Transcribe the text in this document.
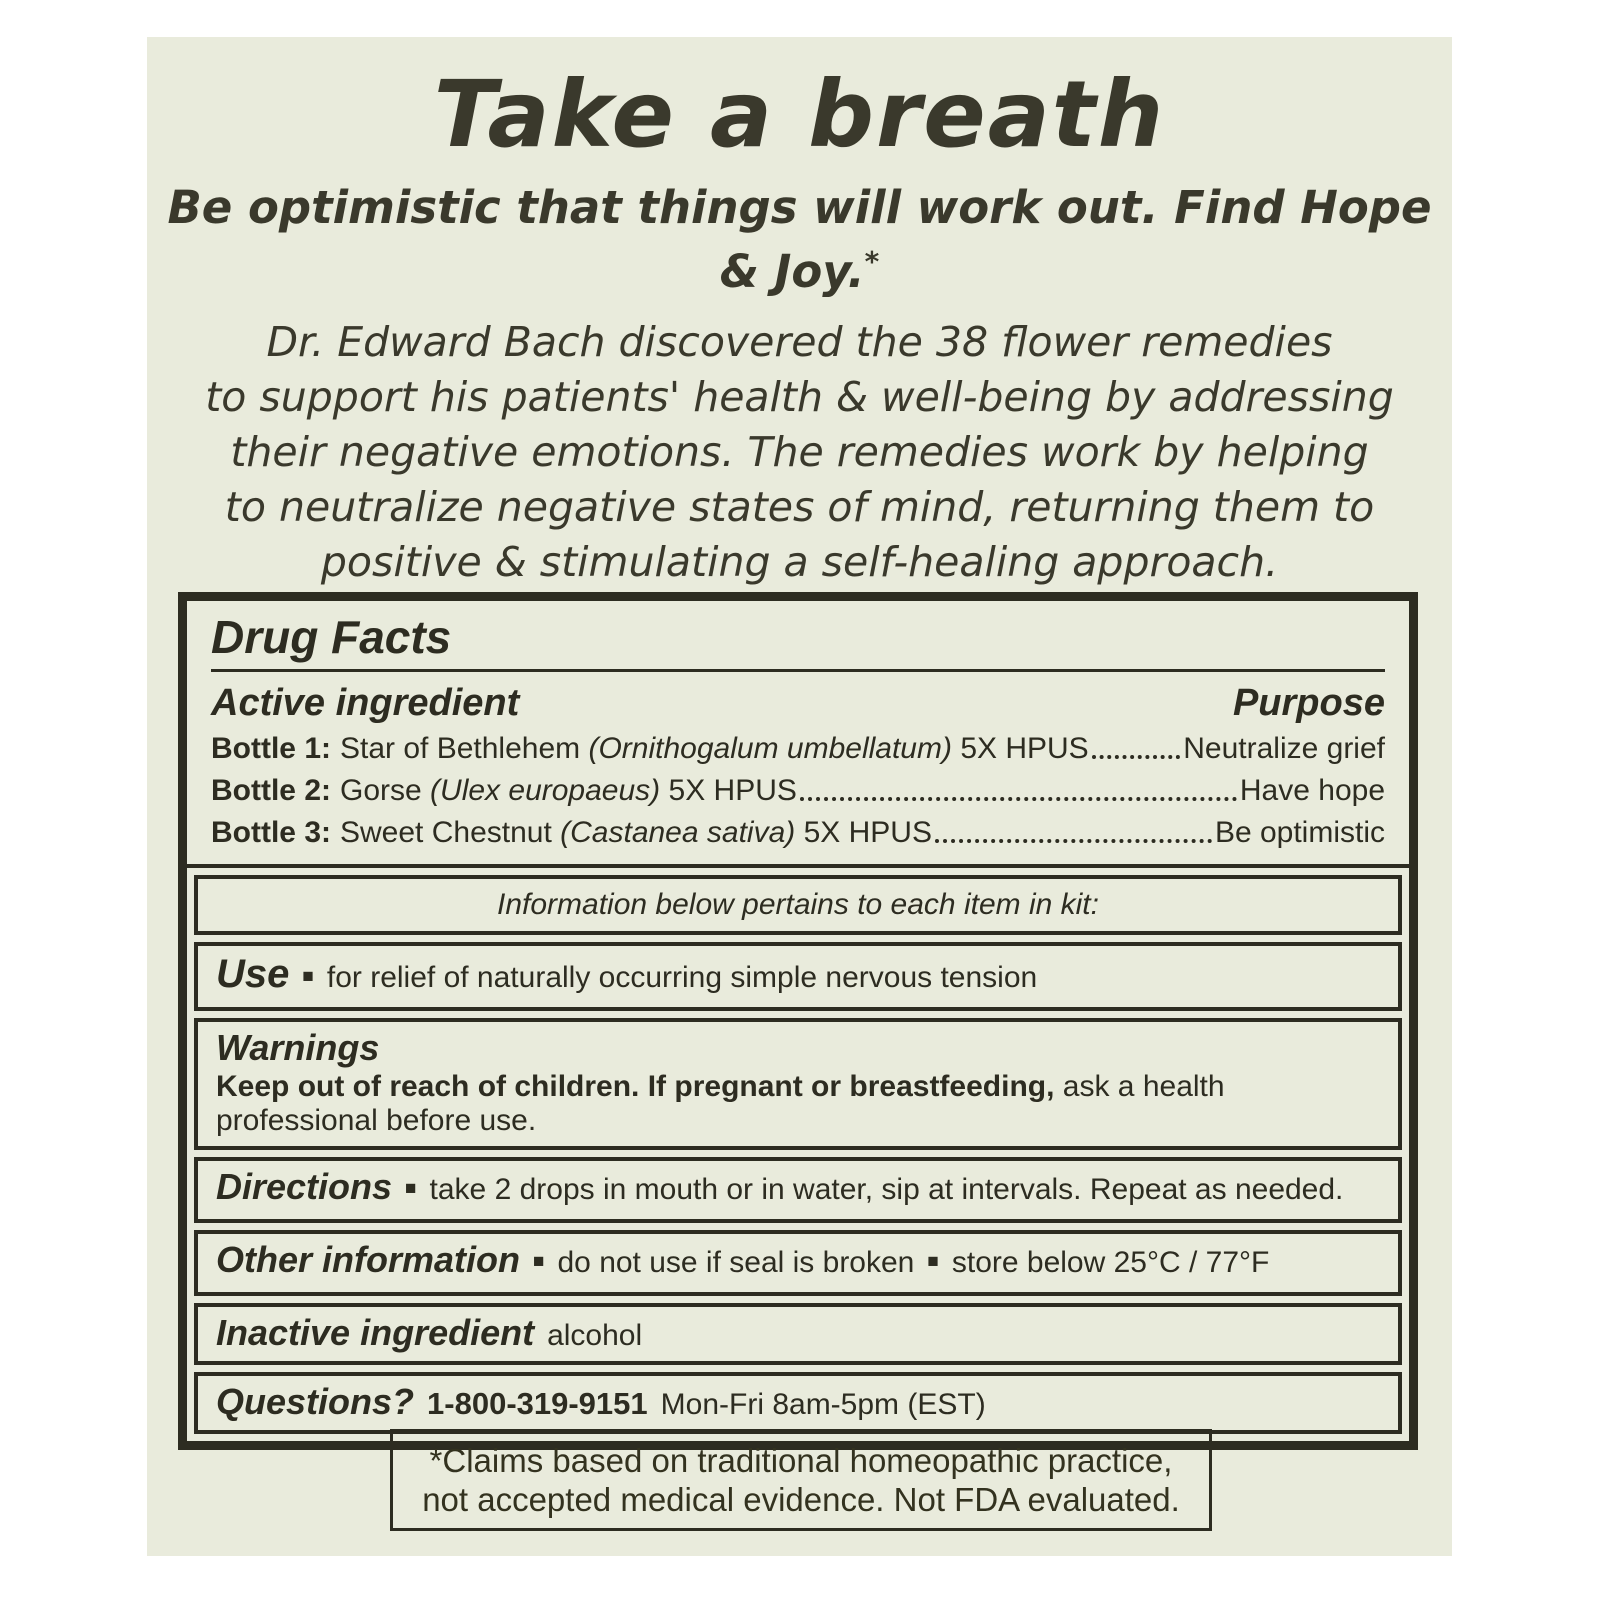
Take a breath
Be optimistic that things will work out. Find Hope & Joy.*
Dr. Edward Bach discovered the 38 flower remedies
to support his patients' health & well-being by addressing
their negative emotions. The remedies work by helping
to neutralize negative states of mind, returning them to
positive & stimulating a self-healing approach.
Drug Facts
Active ingredient	Purpose
Bottle 1: Star of Bethlehem (Ornithogalum umbellatum) 5X HPUS	Neutralize grief
Bottle 2: Gorse (Ulex europaeus) 5X HPUS	Have hope
Bottle 3: Sweet Chestnut (Castanea sativa) 5X HPUS	Be optimistic
Information below pertains to each item in kit:
Use ■ for relief of naturally occurring simple nervous tension
Warnings
Keep out of reach of children. If pregnant or breastfeeding, ask a health professional before use.
Directions ■ take 2 drops in mouth or in water, sip at intervals. Repeat as needed.
Other information ■ do not use if seal is broken ■ store below 25°C / 77°F
Inactive ingredient alcohol
Questions? 1-800-319-9151 Mon-Fri 8am-5pm (EST)
*Claims based on traditional homeopathic practice,
not accepted medical evidence. Not FDA evaluated.
